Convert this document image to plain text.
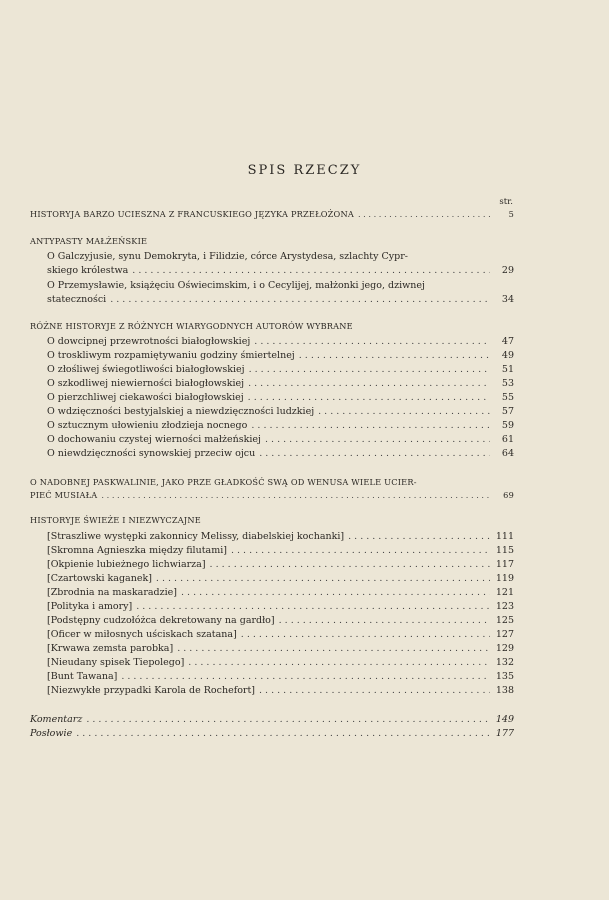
SPIS RZECZY
str.
HISTORYJA BARZO UCIESZNA Z FRANCUSKIEGO JĘZYKA PRZEŁOŻONA . . .	5
ANTYPASTY MAŁŻEŃSKIE
O Galczyjusie, synu Demokryta, i Filidzie, córce Arystydesa, szlachty Cypr-
skiego królestwa . . .	29
O Przemysławie, książęciu Oświecimskim, i o Cecylijej, małżonki jego, dziwnej
stateczności . . .	34
RÓŻNE HISTORYJE Z RÓŻNYCH WIARYGODNYCH AUTORÓW WYBRANE
O dowcipnej przewrotności białogłowskiej . . .	47
O troskliwym rozpamiętywaniu godziny śmiertelnej . . .	49
O złośliwej świegotliwości białogłowskiej . . .	51
O szkodliwej niewierności białogłowskiej . . .	53
O pierzchliwej ciekawości białogłowskiej . . .	55
O wdzięczności bestyjalskiej a niewdzięczności ludzkiej . . .	57
O sztucznym ułowieniu złodzieja nocnego . . .	59
O dochowaniu czystej wierności małżeńskiej . . .	61
O niewdzięczności synowskiej przeciw ojcu . . .	64
O NADOBNEJ PASKWALINIE, JAKO PRZE GŁADKOŚĆ SWĄ OD WENUSA WIELE UCIER-
PIEĆ MUSIAŁA . . .	69
HISTORYJE ŚWIEŻE I NIEZWYCZAJNE
[Straszliwe występki zakonnicy Melissy, diabelskiej kochanki] . . .	111
[Skromna Agnieszka między filutami] . . .	115
[Okpienie lubieżnego lichwiarza] . . .	117
[Czartowski kaganek] . . .	119
[Zbrodnia na maskaradzie] . . .	121
[Polityka i amory] . . .	123
[Podstępny cudzołóżca dekretowany na gardło] . . .	125
[Oficer w miłosnych uściskach szatana] . . .	127
[Krwawa zemsta parobka] . . .	129
[Nieudany spisek Tiepolego] . . .	132
[Bunt Tawana] . . .	135
[Niezwykłe przypadki Karola de Rochefort] . . .	138
Komentarz . . .	149
Posłowie . . .	177
